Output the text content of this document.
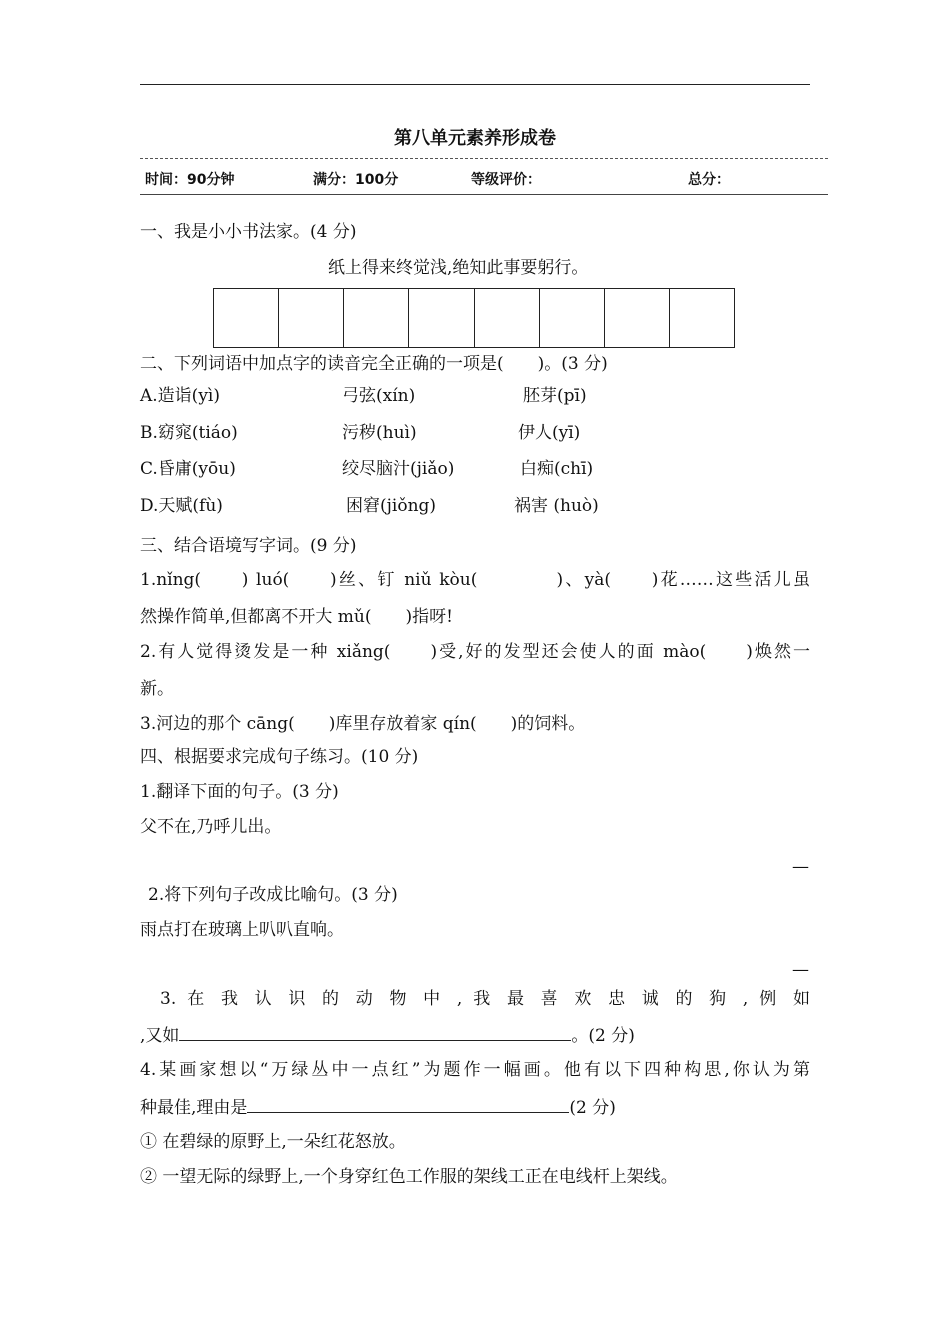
第八单元素养形成卷
时间：90分钟	满分：100分	等级评价：	总分：
一、我是小小书法家。(4 分)
纸上得来终觉浅,绝知此事要躬行。
二、下列词语中加点字的读音完全正确的一项是(　　)。(3 分)
A.造诣(yì)	弓弦(xín)	胚芽(pī)
B.窈窕(tiáo)	污秽(huì)	伊人(yī)
C.昏庸(yōu)	绞尽脑汁(jiǎo)	白痴(chī)
D.天赋(fù)	困窘(jiǒng)	祸害 (huò)
三、结合语境写字词。(9 分)
1.nǐng(　　) luó(　　)丝、钉 niǔ kòu(　　　　)、yà(　　)花……这些活儿虽
然操作简单,但都离不开大 mǔ(　　)指呀!
2.有人觉得烫发是一种 xiǎng(　　)受,好的发型还会使人的面 mào(　　)焕然一
新。
3.河边的那个 cāng(　　)库里存放着家 qín(　　)的饲料。
四、根据要求完成句子练习。(10 分)
1.翻译下面的句子。(3 分)
父不在,乃呼儿出。
—
2.将下列句子改成比喻句。(3 分)
雨点打在玻璃上叭叭直响。
—
3. 在 我 认 识 的 动 物 中 , 我 最 喜 欢 忠 诚 的 狗 , 例 如
,又如	。(2 分)
4.某画家想以“万绿丛中一点红”为题作一幅画。他有以下四种构思,你认为第
种最佳,理由是	(2 分)
① 在碧绿的原野上,一朵红花怒放。
② 一望无际的绿野上,一个身穿红色工作服的架线工正在电线杆上架线。
